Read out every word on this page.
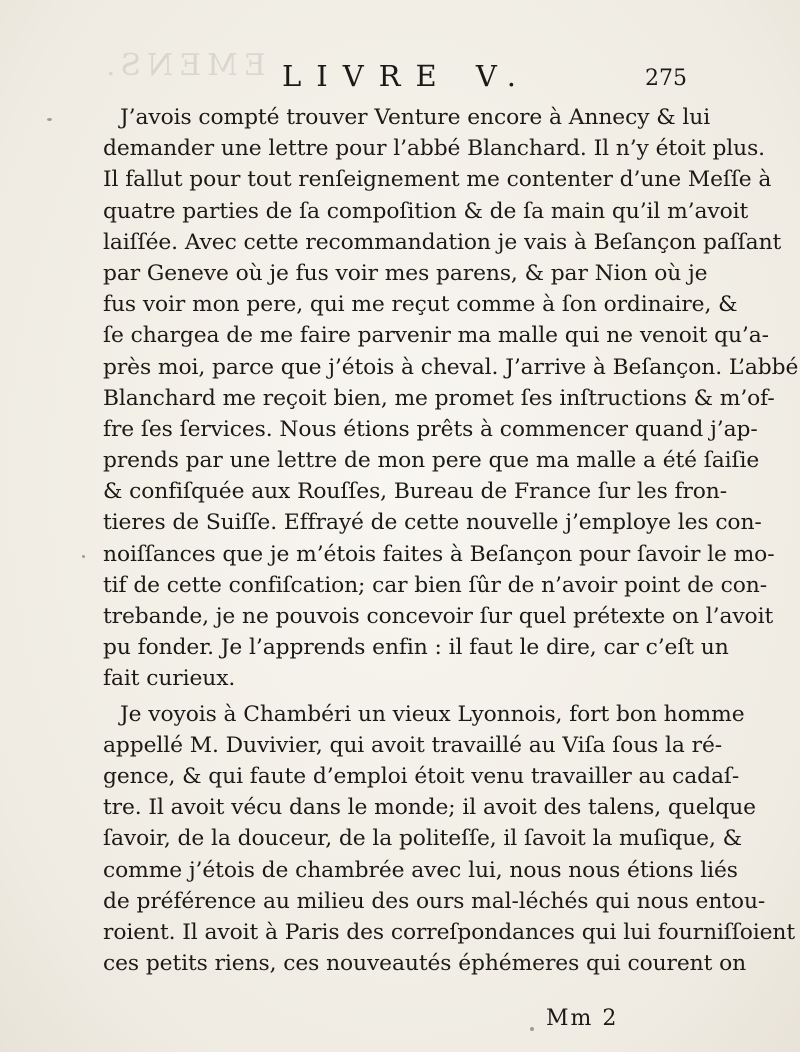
EMENS. LIVRE V.	275

J’avois compté trouver Venture encore à Annecy & lui
demander une lettre pour l’abbé Blanchard. Il n’y étoit plus.
Il fallut pour tout renſeignement me contenter d’une Meſſe à
quatre parties de ſa compoſition & de ſa main qu’il m’avoit
laiſſée. Avec cette recommandation je vais à Beſançon paſſant
par Geneve où je fus voir mes parens, & par Nion où je
fus voir mon pere, qui me reçut comme à ſon ordinaire, &
ſe chargea de me faire parvenir ma malle qui ne venoit qu’a-
près moi, parce que j’étois à cheval. J’arrive à Beſançon. L’abbé
Blanchard me reçoit bien, me promet ſes inſtructions & m’of-
fre ſes ſervices. Nous étions prêts à commencer quand j’ap-
prends par une lettre de mon pere que ma malle a été ſaiſie
& confiſquée aux Rouſſes, Bureau de France ſur les fron-
tieres de Suiſſe. Effrayé de cette nouvelle j’employe les con-
noiſſances que je m’étois faites à Beſançon pour ſavoir le mo-
tif de cette confiſcation; car bien ſûr de n’avoir point de con-
trebande, je ne pouvois concevoir ſur quel prétexte on l’avoit
pu fonder. Je l’apprends enfin : il faut le dire, car c’eſt un
fait curieux.

Je voyois à Chambéri un vieux Lyonnois, fort bon homme
appellé M. Duvivier, qui avoit travaillé au Viſa ſous la ré-
gence, & qui faute d’emploi étoit venu travailler au cadaſ-
tre. Il avoit vécu dans le monde; il avoit des talens, quelque
ſavoir, de la douceur, de la politeſſe, il ſavoit la muſique, &
comme j’étois de chambrée avec lui, nous nous étions liés
de préférence au milieu des ours mal-léchés qui nous entou-
roient. Il avoit à Paris des correſpondances qui lui fourniſſoient
ces petits riens, ces nouveautés éphémeres qui courent on

Mm 2
